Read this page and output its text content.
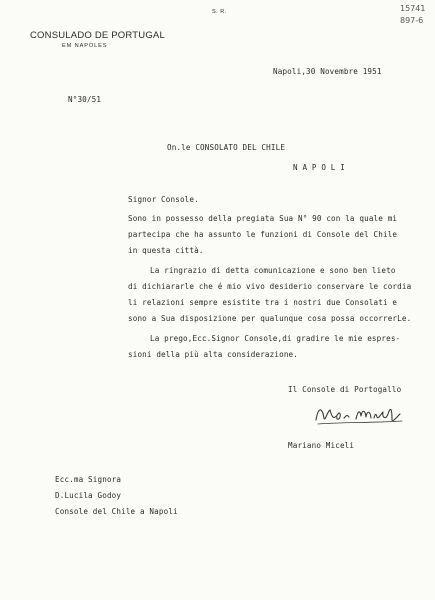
S. R.	15741
897-6
CONSULADO DE PORTUGAL
EM NAPOLES
Napoli,30 Novembre 1951
N°30/51
On.le CONSOLATO DEL CHILE
N A P O L I
Signor Console.
Sono in possesso della pregiata Sua N° 90 con la quale mi
partecipa che ha assunto le funzioni di Console del Chile
in questa città.
La ringrazio di detta comunicazione e sono ben lieto
di dichiararle che é mio vivo desiderio conservare le cordia
li relazioni sempre esistite tra i nostri due Consolati e
sono a Sua disposizione per qualunque cosa possa occorrerLe.
La prego,Ecc.Signor Console,di gradire le mie espres-
sioni della più alta considerazione.
Il Console di Portogallo
Mariano Miceli
Ecc.ma Signora
D.Lucila Godoy
Console del Chile a Napoli
